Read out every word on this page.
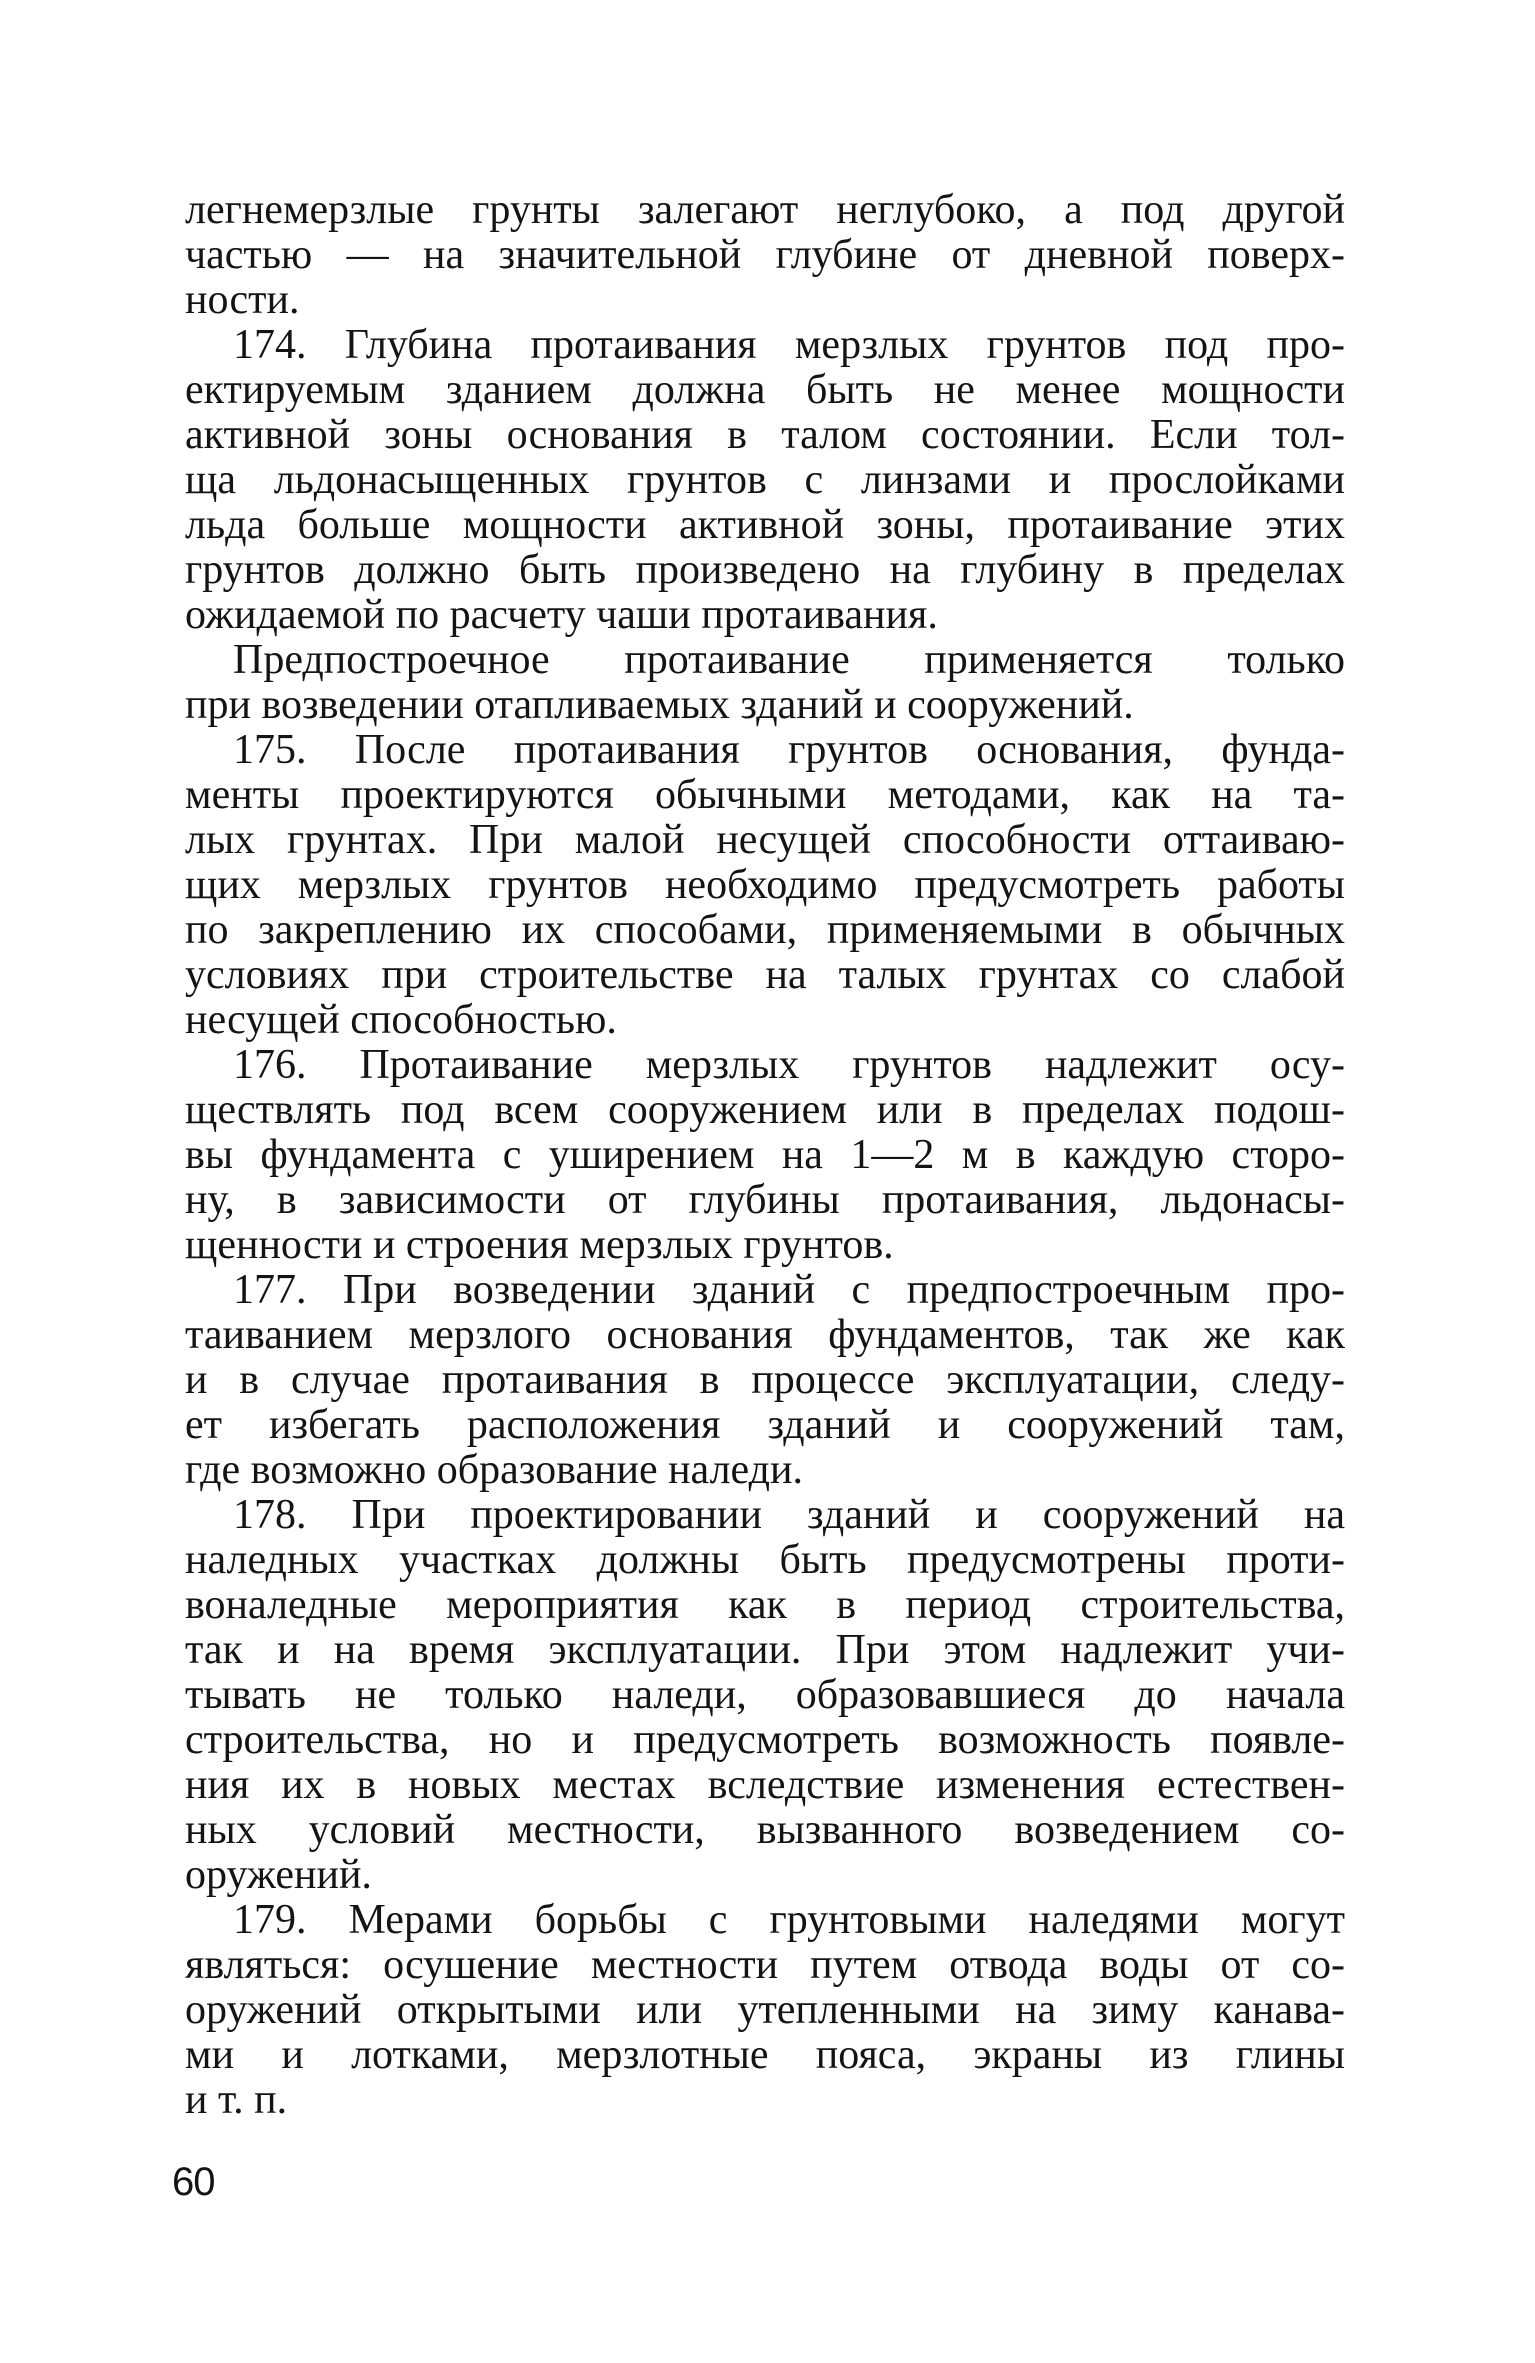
легнемерзлые грунты залегают неглубоко, а под другой
частью — на значительной глубине от дневной поверх-
ности.
174. Глубина протаивания мерзлых грунтов под про-
ектируемым зданием должна быть не менее мощности
активной зоны основания в талом состоянии. Если тол-
ща льдонасыщенных грунтов с линзами и прослойками
льда больше мощности активной зоны, протаивание этих
грунтов должно быть произведено на глубину в пределах
ожидаемой по расчету чаши протаивания.
Предпостроечное протаивание применяется только
при возведении отапливаемых зданий и сооружений.
175. После протаивания грунтов основания, фунда-
менты проектируются обычными методами, как на та-
лых грунтах. При малой несущей способности оттаиваю-
щих мерзлых грунтов необходимо предусмотреть работы
по закреплению их способами, применяемыми в обычных
условиях при строительстве на талых грунтах со слабой
несущей способностью.
176. Протаивание мерзлых грунтов надлежит осу-
ществлять под всем сооружением или в пределах подош-
вы фундамента с уширением на 1—2 м в каждую сторо-
ну, в зависимости от глубины протаивания, льдонасы-
щенности и строения мерзлых грунтов.
177. При возведении зданий с предпостроечным про-
таиванием мерзлого основания фундаментов, так же как
и в случае протаивания в процессе эксплуатации, следу-
ет избегать расположения зданий и сооружений там,
где возможно образование наледи.
178. При проектировании зданий и сооружений на
наледных участках должны быть предусмотрены проти-
воналедные мероприятия как в период строительства,
так и на время эксплуатации. При этом надлежит учи-
тывать не только наледи, образовавшиеся до начала
строительства, но и предусмотреть возможность появле-
ния их в новых местах вследствие изменения естествен-
ных условий местности, вызванного возведением со-
оружений.
179. Мерами борьбы с грунтовыми наледями могут
являться: осушение местности путем отвода воды от со-
оружений открытыми или утепленными на зиму канава-
ми и лотками, мерзлотные пояса, экраны из глины
и т. п.
60
